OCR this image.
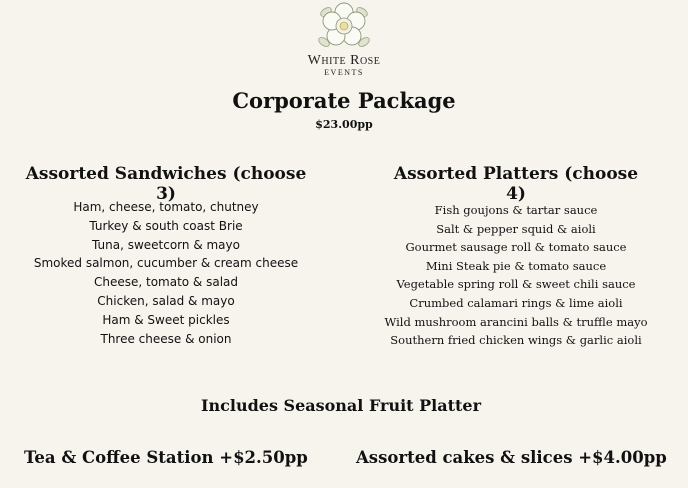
White Rose
EVENTS
Corporate Package
$23.00pp
Assorted Sandwiches (choose 3)
Assorted Platters (choose 4)
Ham, cheese, tomato, chutney
Turkey & south coast Brie
Tuna, sweetcorn & mayo
Smoked salmon, cucumber & cream cheese
Cheese, tomato & salad
Chicken, salad & mayo
Ham & Sweet pickles
Three cheese & onion
Fish goujons & tartar sauce
Salt & pepper squid & aioli
Gourmet sausage roll & tomato sauce
Mini Steak pie & tomato sauce
Vegetable spring roll & sweet chili sauce
Crumbed calamari rings & lime aioli
Wild mushroom arancini balls & truffle mayo
Southern fried chicken wings & garlic aioli
Includes Seasonal Fruit Platter
Tea & Coffee Station +$2.50pp	Assorted cakes & slices +$4.00pp
